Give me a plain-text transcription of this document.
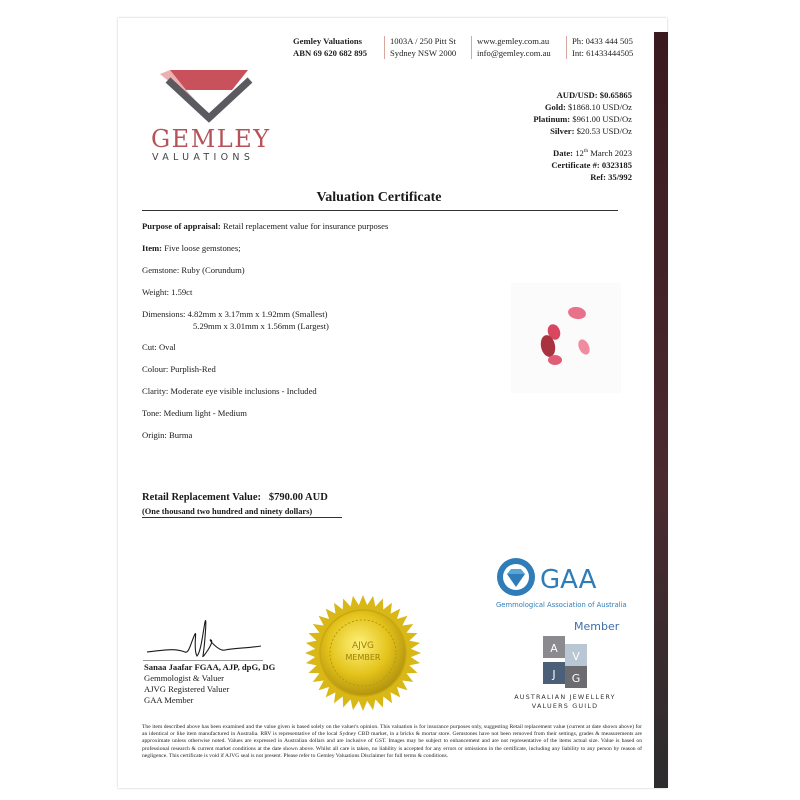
Gemley Valuations
ABN 69 620 682 895
1003A / 250 Pitt St
Sydney NSW 2000
www.gemley.com.au
info@gemley.com.au
Ph: 0433 444 505
Int: 61433444505
GEMLEY
VALUATIONS
AUD/USD: $0.65865
Gold: $1868.10 USD/Oz
Platinum: $961.00 USD/Oz
Silver: $20.53 USD/Oz
Date: 12th March 2023
Certificate #: 0323185
Ref: 35/992
Valuation Certificate
Purpose of appraisal: Retail replacement value for insurance purposes
Item: Five loose gemstones;
Gemstone: Ruby (Corundum)
Weight: 1.59ct
Dimensions: 4.82mm x 3.17mm x 1.92mm (Smallest)
5.29mm x 3.01mm x 1.56mm (Largest)
Cut: Oval
Colour: Purplish-Red
Clarity: Moderate eye visible inclusions - Included
Tone: Medium light - Medium
Origin: Burma
Retail Replacement Value: $790.00 AUD
(One thousand two hundred and ninety dollars)
Sanaa Jaafar FGAA, AJP, dpG, DG
Gemmologist & Valuer
AJVG Registered Valuer
GAA Member
AJVG
MEMBER
GAA
Gemmological Association of Australia
Member
A
V
J G
AUSTRALIAN JEWELLERY
VALUERS GUILD
The item described above has been examined and the value given is based solely on the valuer's opinion. This valuation is for insurance purposes only, suggesting Retail replacement value (current at date shown above) for an identical or like item manufactured in Australia. RRV is representative of the local Sydney CBD market, in a bricks & mortar store. Gemstones have not been removed from their settings, grades & measurements are approximate unless otherwise noted. Values are expressed in Australian dollars and are inclusive of GST. Images may be subject to enhancement and are not representative of the items actual size. Value is based on professional research & current market conditions at the date shown above. Whilst all care is taken, no liability is accepted for any errors or omissions in the certificate, including any liability to any person by reason of negligence. This certificate is void if AJVG seal is not present. Please refer to Gemley Valuations Disclaimer for full terms & conditions.
